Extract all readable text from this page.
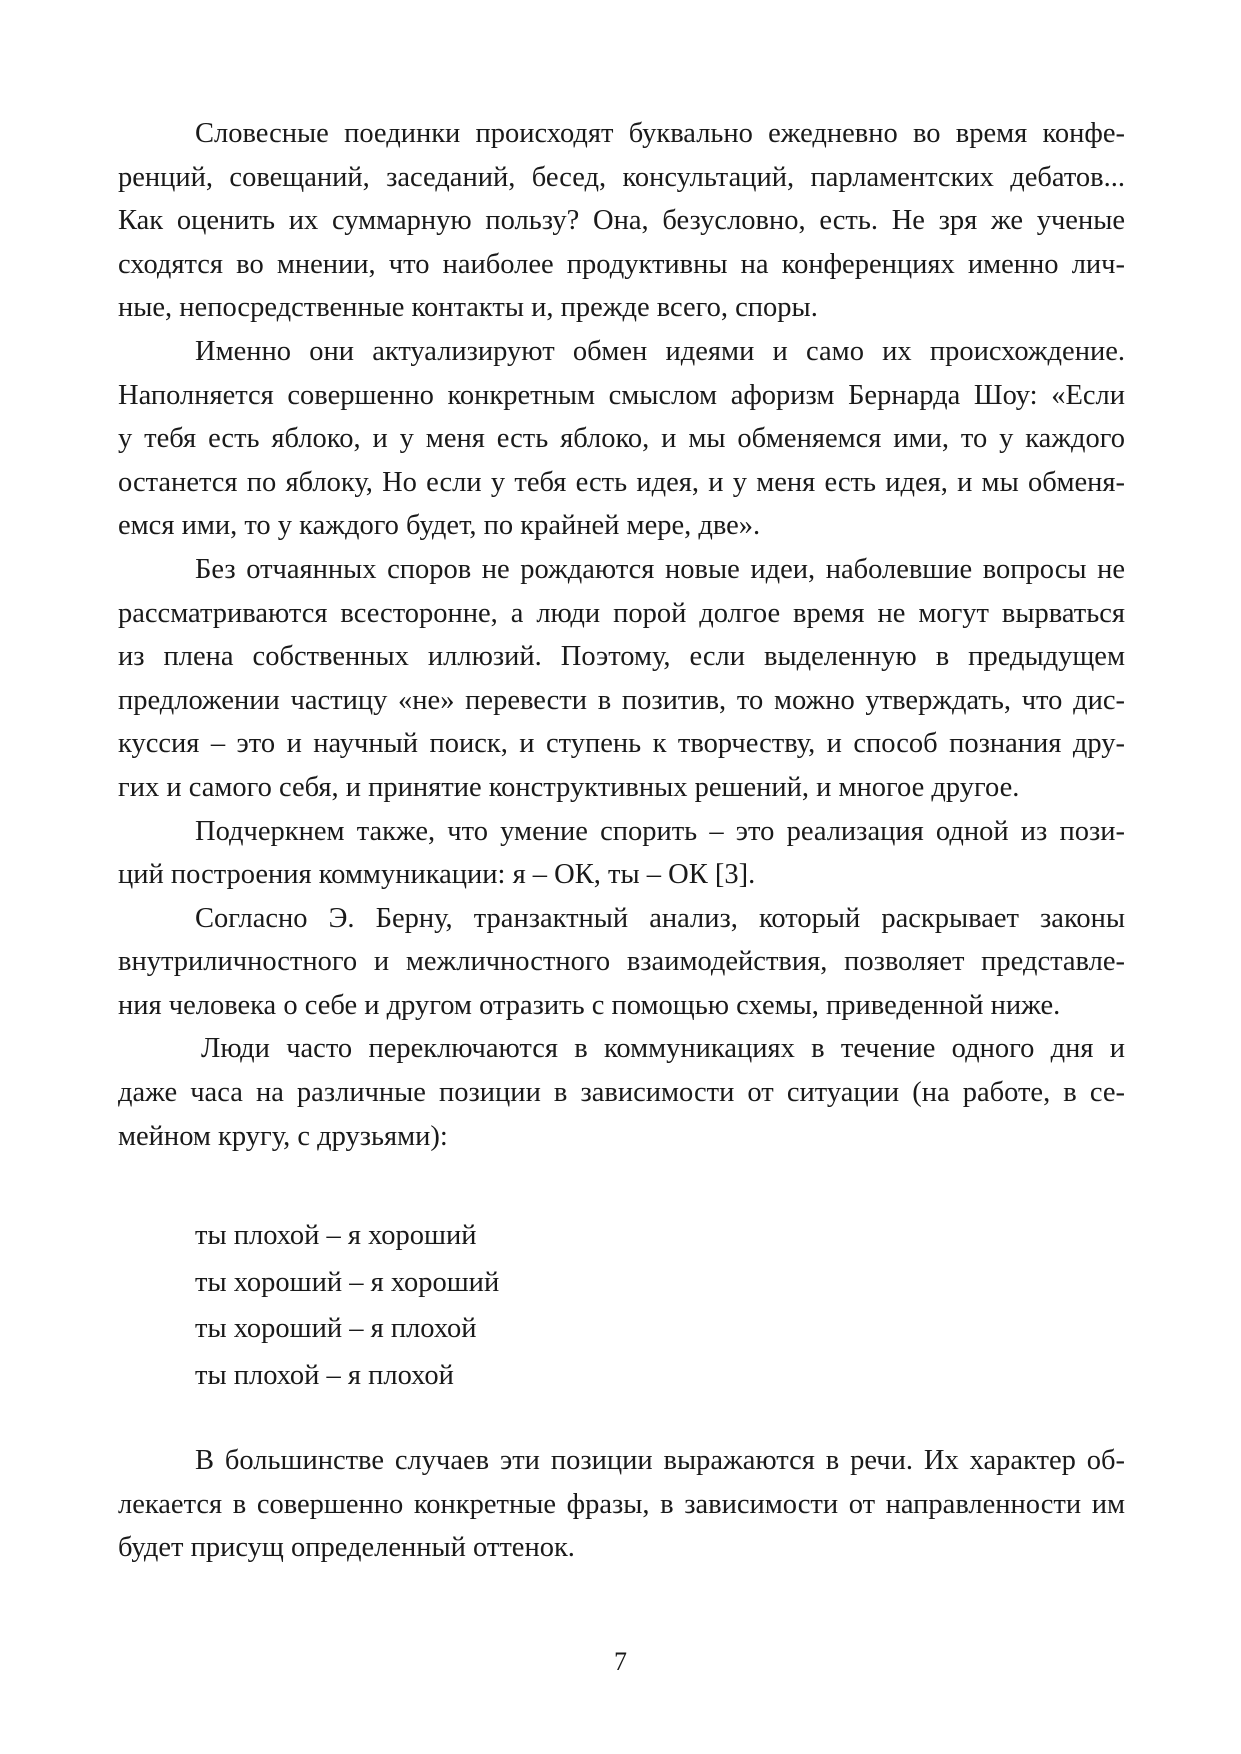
Словесные поединки происходят буквально ежедневно во время конфе-
ренций, совещаний, заседаний, бесед, консультаций, парламентских дебатов...
Как оценить их суммарную пользу? Она, безусловно, есть. Не зря же ученые
сходятся во мнении, что наиболее продуктивны на конференциях именно лич-
ные, непосредственные контакты и, прежде всего, споры.
Именно они актуализируют обмен идеями и само их происхождение.
Наполняется совершенно конкретным смыслом афоризм Бернарда Шоу: «Если
у тебя есть яблоко, и у меня есть яблоко, и мы обменяемся ими, то у каждого
останется по яблоку, Но если у тебя есть идея, и у меня есть идея, и мы обменя-
емся ими, то у каждого будет, по крайней мере, две».
Без отчаянных споров не рождаются новые идеи, наболевшие вопросы не
рассматриваются всесторонне, а люди порой долгое время не могут вырваться
из плена собственных иллюзий. Поэтому, если выделенную в предыдущем
предложении частицу «не» перевести в позитив, то можно утверждать, что дис-
куссия – это и научный поиск, и ступень к творчеству, и способ познания дру-
гих и самого себя, и принятие конструктивных решений, и многое другое.
Подчеркнем также, что умение спорить – это реализация одной из пози-
ций построения коммуникации: я – ОК, ты – ОК [3].
Согласно Э. Берну, транзактный анализ, который раскрывает законы
внутриличностного и межличностного взаимодействия, позволяет представле-
ния человека о себе и другом отразить с помощью схемы, приведенной ниже.
Люди часто переключаются в коммуникациях в течение одного дня и
даже часа на различные позиции в зависимости от ситуации (на работе, в се-
мейном кругу, с друзьями):
ты плохой – я хороший
ты хороший – я хороший
ты хороший – я плохой
ты плохой – я плохой
В большинстве случаев эти позиции выражаются в речи. Их характер об-
лекается в совершенно конкретные фразы, в зависимости от направленности им
будет присущ определенный оттенок.
7
